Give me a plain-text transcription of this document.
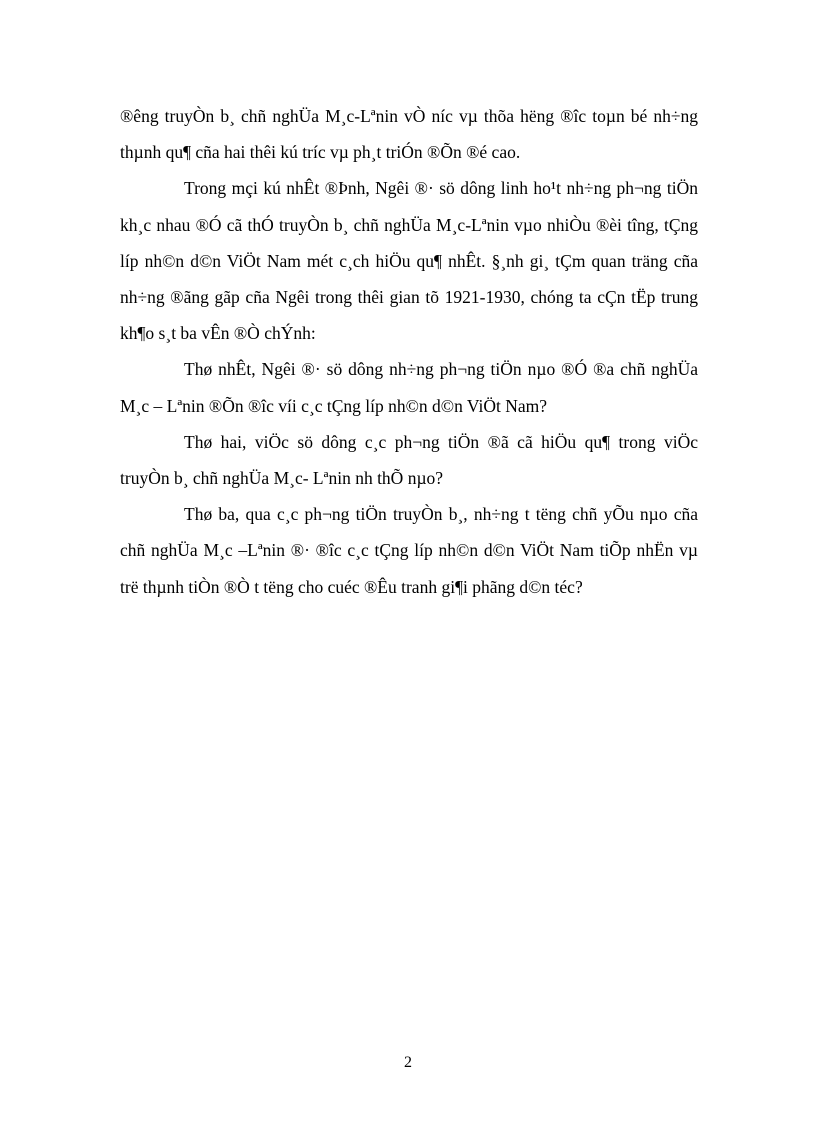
®êng truyÒn b¸ chñ nghÜa M¸c-Lªnin vÒ níc vµ thõa hëng ®îc toµn bé nh÷ng thµnh qu¶ cña hai thêi kú tríc vµ ph¸t triÓn ®Õn ®é cao.

Trong mçi kú nhÊt ®Þnh, Ngêi ®· sö dông linh ho¹t nh÷ng ph¬ng tiÖn kh¸c nhau ®Ó cã thÓ truyÒn b¸ chñ nghÜa M¸c-Lªnin vµo nhiÒu ®èi tîng, tÇng líp nh©n d©n ViÖt Nam mét c¸ch hiÖu qu¶ nhÊt. §¸nh gi¸ tÇm quan träng cña nh÷ng ®ãng gãp cña Ngêi trong thêi gian tõ 1921-1930, chóng ta cÇn tËp trung kh¶o s¸t ba vÊn ®Ò chÝnh:

Thø nhÊt, Ngêi ®· sö dông nh÷ng ph¬ng tiÖn nµo ®Ó ®a chñ nghÜa M¸c – Lªnin ®Õn ®îc víi c¸c tÇng líp nh©n d©n ViÖt Nam?

Thø hai, viÖc sö dông c¸c ph¬ng tiÖn ®ã cã hiÖu qu¶ trong viÖc truyÒn b¸ chñ nghÜa M¸c- Lªnin nh thÕ nµo?

Thø ba, qua c¸c ph¬ng tiÖn truyÒn b¸, nh÷ng t tëng chñ yÕu nµo cña chñ nghÜa M¸c –Lªnin ®· ®îc c¸c tÇng líp nh©n d©n ViÖt Nam tiÕp nhËn vµ trë thµnh tiÒn ®Ò t tëng cho cuéc ®Êu tranh gi¶i phãng d©n téc?

2
